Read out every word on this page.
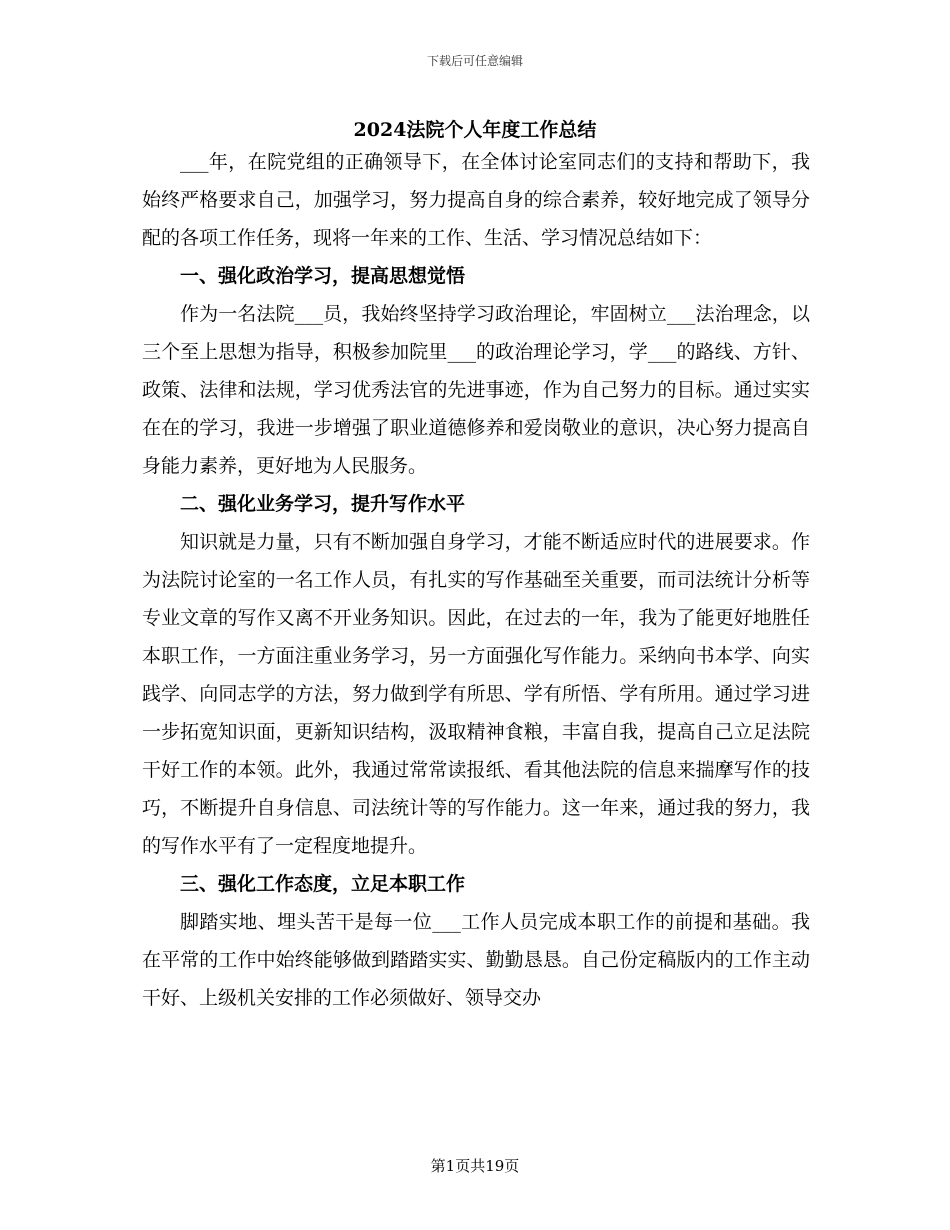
下载后可任意编辑
2024法院个人年度工作总结

___年，在院党组的正确领导下，在全体讨论室同志们的支持和帮助下，我始终严格要求自己，加强学习，努力提高自身的综合素养，较好地完成了领导分配的各项工作任务，现将一年来的工作、生活、学习情况总结如下：

一、强化政治学习，提高思想觉悟

作为一名法院___员，我始终坚持学习政治理论，牢固树立___法治理念，以三个至上思想为指导，积极参加院里___的政治理论学习，学___的路线、方针、政策、法律和法规，学习优秀法官的先进事迹，作为自己努力的目标。通过实实在在的学习，我进一步增强了职业道德修养和爱岗敬业的意识，决心努力提高自身能力素养，更好地为人民服务。

二、强化业务学习，提升写作水平

知识就是力量，只有不断加强自身学习，才能不断适应时代的进展要求。作为法院讨论室的一名工作人员，有扎实的写作基础至关重要，而司法统计分析等专业文章的写作又离不开业务知识。因此，在过去的一年，我为了能更好地胜任本职工作，一方面注重业务学习，另一方面强化写作能力。采纳向书本学、向实践学、向同志学的方法，努力做到学有所思、学有所悟、学有所用。通过学习进一步拓宽知识面，更新知识结构，汲取精神食粮，丰富自我，提高自己立足法院干好工作的本领。此外，我通过常常读报纸、看其他法院的信息来揣摩写作的技巧，不断提升自身信息、司法统计等的写作能力。这一年来，通过我的努力，我的写作水平有了一定程度地提升。

三、强化工作态度，立足本职工作

脚踏实地、埋头苦干是每一位___工作人员完成本职工作的前提和基础。我在平常的工作中始终能够做到踏踏实实、勤勤恳恳。自己份定稿版内的工作主动干好、上级机关安排的工作必须做好、领导交办

第1页共19页
